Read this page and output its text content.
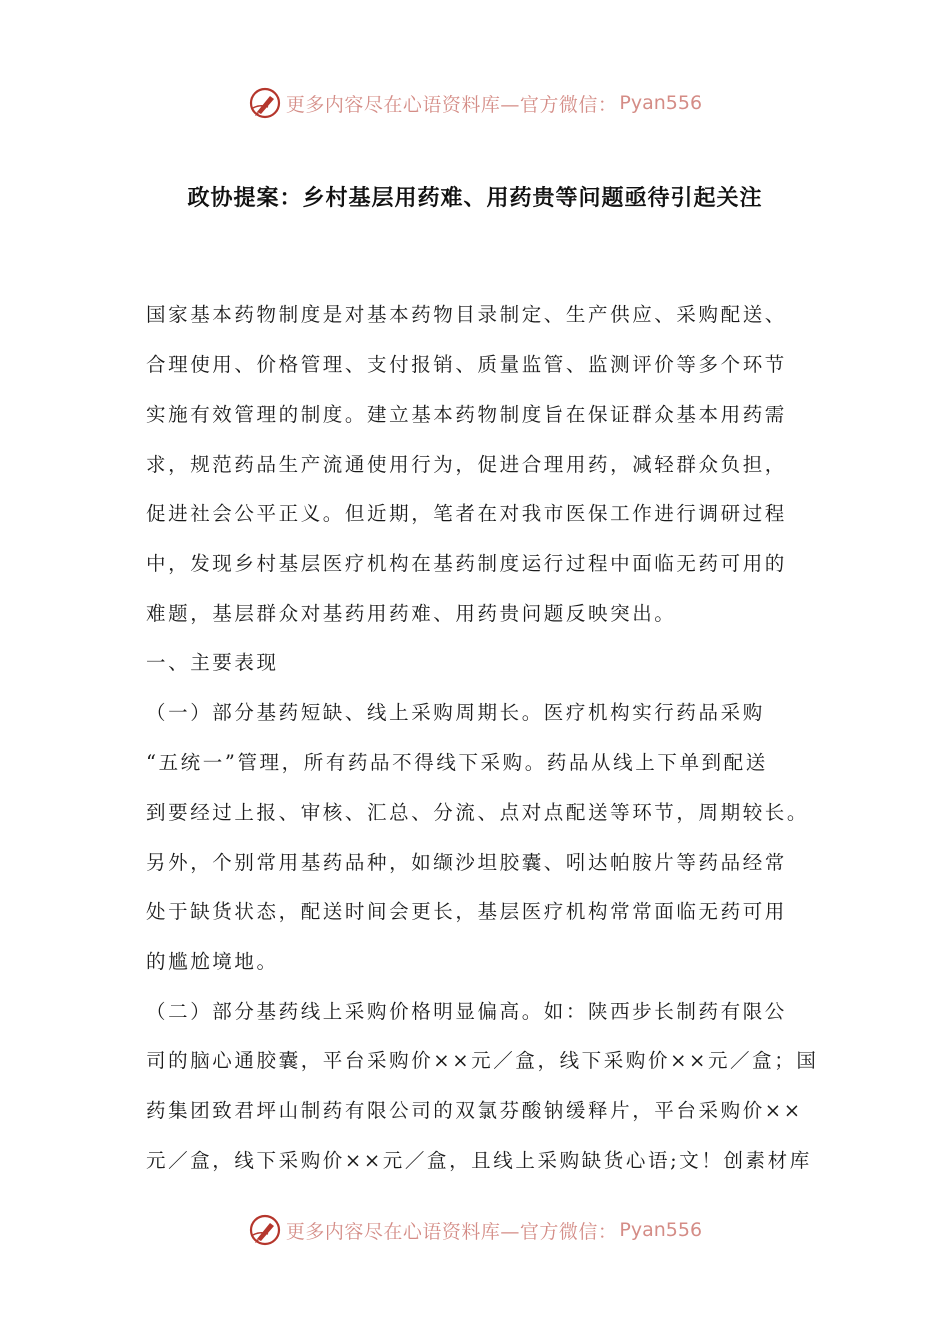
更多内容尽在心语资料库—官方微信： Pyan556
政协提案：乡村基层用药难、用药贵等问题亟待引起关注

国家基本药物制度是对基本药物目录制定、生产供应、采购配送、

合理使用、价格管理、支付报销、质量监管、监测评价等多个环节

实施有效管理的制度。建立基本药物制度旨在保证群众基本用药需

求，规范药品生产流通使用行为，促进合理用药，减轻群众负担，

促进社会公平正义。但近期，笔者在对我市医保工作进行调研过程

中，发现乡村基层医疗机构在基药制度运行过程中面临无药可用的

难题，基层群众对基药用药难、用药贵问题反映突出。

一、主要表现

（一）部分基药短缺、线上采购周期长。医疗机构实行药品采购

“五统一”管理，所有药品不得线下采购。药品从线上下单到配送

到要经过上报、审核、汇总、分流、点对点配送等环节，周期较长。

另外，个别常用基药品种，如缬沙坦胶囊、吲达帕胺片等药品经常

处于缺货状态，配送时间会更长，基层医疗机构常常面临无药可用

的尴尬境地。

（二）部分基药线上采购价格明显偏高。如：陕西步长制药有限公

司的脑心通胶囊，平台采购价××元／盒，线下采购价××元／盒；国

药集团致君坪山制药有限公司的双氯芬酸钠缓释片，平台采购价××

元／盒，线下采购价××元／盒，且线上采购缺货心语;文！创素材库

更多内容尽在心语资料库—官方微信： Pyan556
